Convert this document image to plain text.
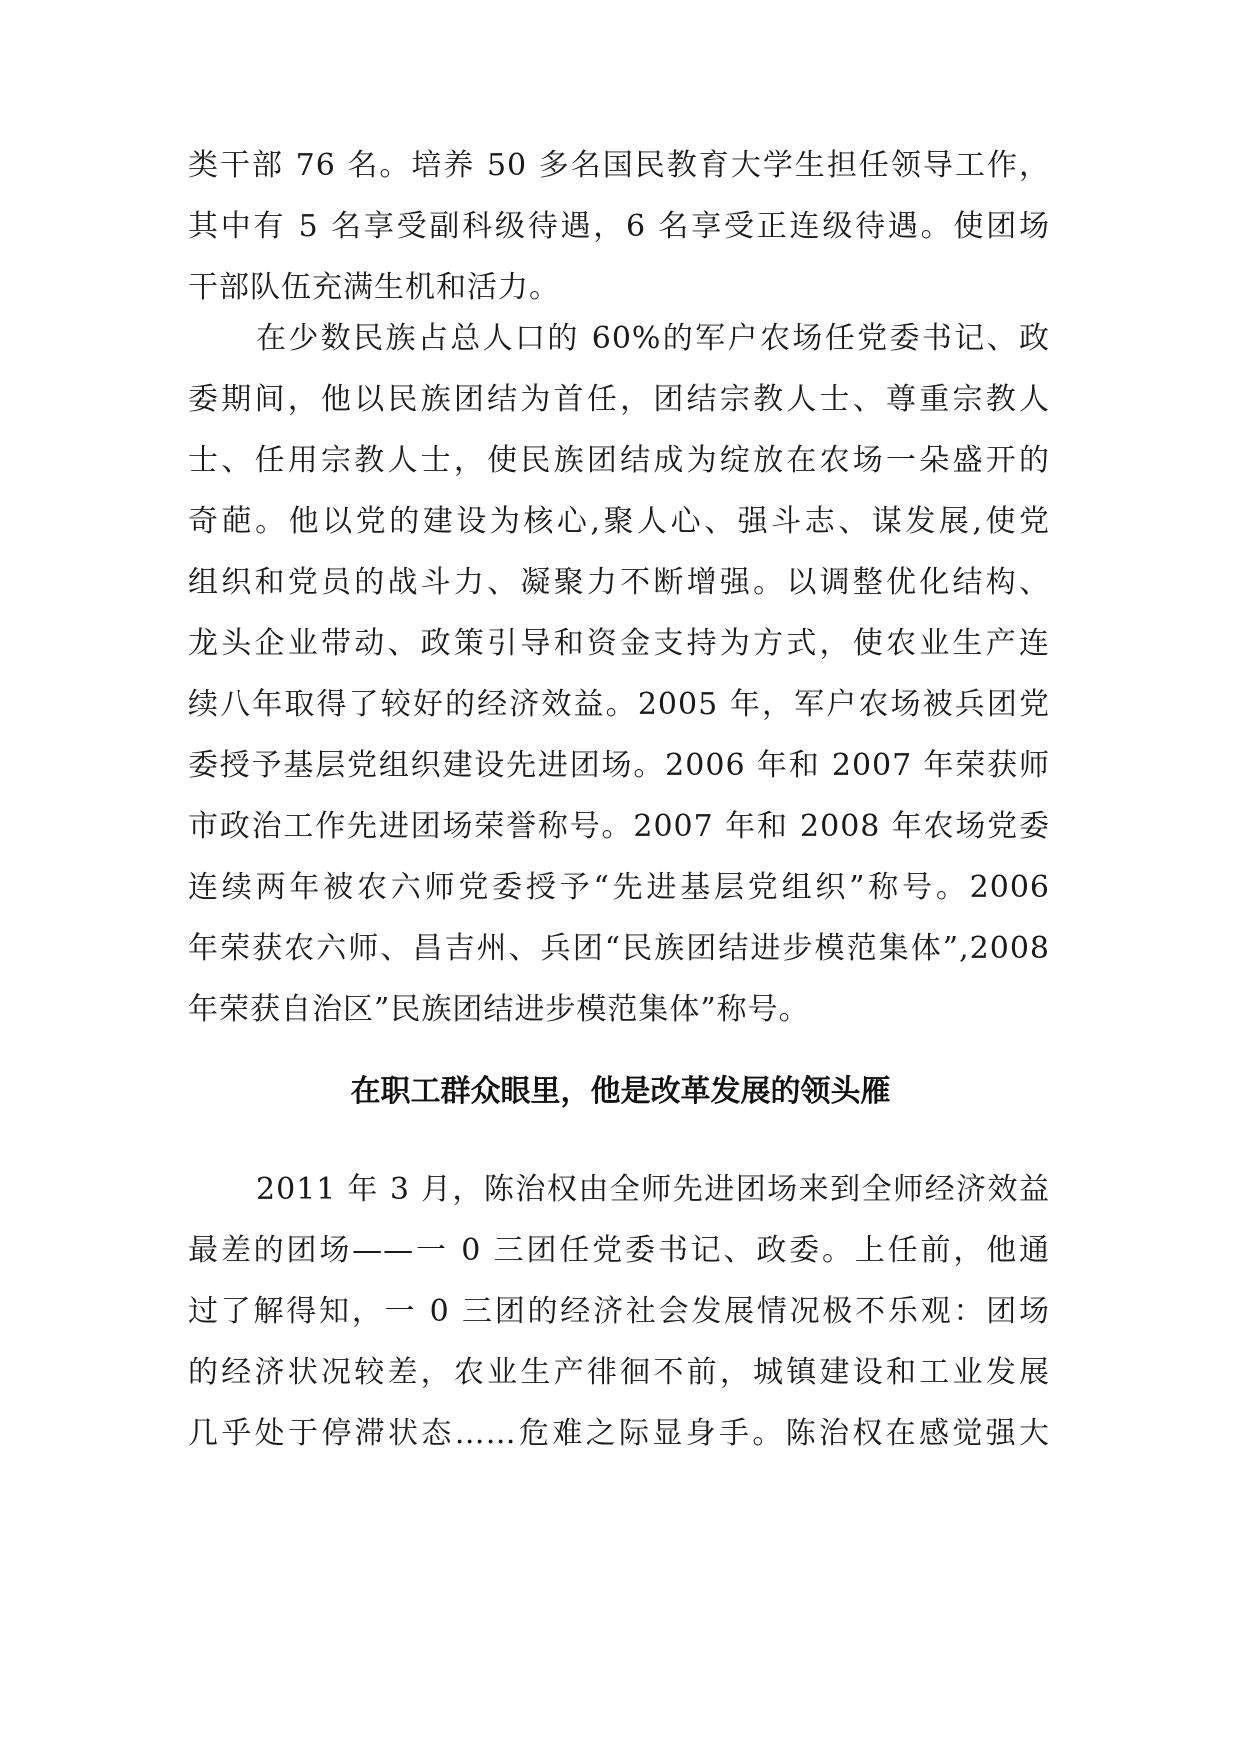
类干部 76 名。培养 50 多名国民教育大学生担任领导工作，
其中有 5 名享受副科级待遇，6 名享受正连级待遇。使团场
干部队伍充满生机和活力。
在少数民族占总人口的 60%的军户农场任党委书记、政
委期间，他以民族团结为首任，团结宗教人士、尊重宗教人
士、任用宗教人士，使民族团结成为绽放在农场一朵盛开的
奇葩。他以党的建设为核心,聚人心、强斗志、谋发展,使党
组织和党员的战斗力、凝聚力不断增强。以调整优化结构、
龙头企业带动、政策引导和资金支持为方式，使农业生产连
续八年取得了较好的经济效益。2005 年，军户农场被兵团党
委授予基层党组织建设先进团场。2006 年和 2007 年荣获师
市政治工作先进团场荣誉称号。2007 年和 2008 年农场党委
连续两年被农六师党委授予“先进基层党组织”称号。2006
年荣获农六师、昌吉州、兵团“民族团结进步模范集体”,2008
年荣获自治区”民族团结进步模范集体”称号。
在职工群众眼里，他是改革发展的领头雁
2011 年 3 月，陈治权由全师先进团场来到全师经济效益
最差的团场——一 0 三团任党委书记、政委。上任前，他通
过了解得知，一 0 三团的经济社会发展情况极不乐观：团场
的经济状况较差，农业生产徘徊不前，城镇建设和工业发展
几乎处于停滞状态……危难之际显身手。陈治权在感觉强大
